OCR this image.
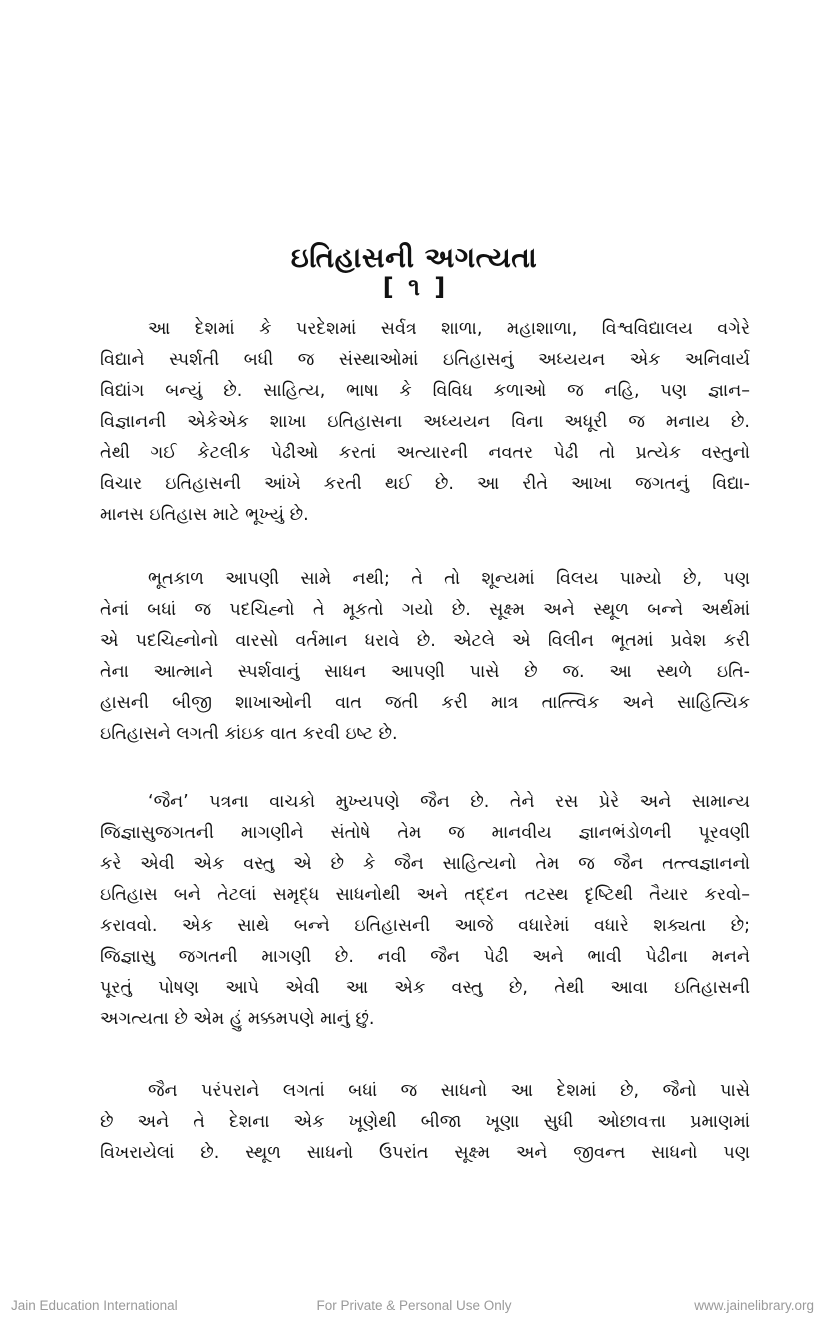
ઇતિહાસની અગત્યતા
[ ૧ ]
આ દેશમાં કે પરદેશમાં સર્વત્ર શાળા, મહાશાળા, વિશ્વવિદ્યાલય વગેરે
વિદ્યાને સ્પર્શતી બધી જ સંસ્થાઓમાં ઇતિહાસનું અધ્યયન એક અનિવાર્ય
વિદ્યાંગ બન્યું છે. સાહિત્ય, ભાષા કે વિવિધ કળાઓ જ નહિ, પણ જ્ઞાન–
વિજ્ઞાનની એકેએક શાખા ઇતિહાસના અધ્યયન વિના અધૂરી જ મનાય છે.
તેથી ગઈ કેટલીક પેઢીઓ કરતાં અત્યારની નવતર પેઢી તો પ્રત્યેક વસ્તુનો
વિચાર ઇતિહાસની આંખે કરતી થઈ છે. આ રીતે આખા જગતનું વિદ્યા-
માનસ ઇતિહાસ માટે ભૂખ્યું છે.
ભૂતકાળ આપણી સામે નથી; તે તો શૂન્યમાં વિલય પામ્યો છે, પણ
તેનાં બધાં જ પદચિહ્નો તે મૂકતો ગયો છે. સૂક્ષ્મ અને સ્થૂળ બન્ને અર્થમાં
એ પદચિહ્નોનો વારસો વર્તમાન ધરાવે છે. એટલે એ વિલીન ભૂતમાં પ્રવેશ કરી
તેના આત્માને સ્પર્શવાનું સાધન આપણી પાસે છે જ. આ સ્થળે ઇતિ-
હાસની બીજી શાખાઓની વાત જતી કરી માત્ર તાત્ત્વિક અને સાહિત્યિક
ઇતિહાસને લગતી કાંઇક વાત કરવી ઇષ્ટ છે.
‘જૈન’ પત્રના વાચકો મુખ્યપણે જૈન છે. તેને રસ પ્રેરે અને સામાન્ય
જિજ્ઞાસુજગતની માગણીને સંતોષે તેમ જ માનવીય જ્ઞાનભંડોળની પૂરવણી
કરે એવી એક વસ્તુ એ છે કે જૈન સાહિત્યનો તેમ જ જૈન તત્ત્વજ્ઞાનનો
ઇતિહાસ બને તેટલાં સમૃદ્ધ સાધનોથી અને તદ્દન તટસ્થ દૃષ્ટિથી તૈયાર કરવો–
કરાવવો. એક સાથે બન્ને ઇતિહાસની આજે વધારેમાં વધારે શક્યતા છે;
જિજ્ઞાસુ જગતની માગણી છે. નવી જૈન પેઢી અને ભાવી પેઢીના મનને
પૂરતું પોષણ આપે એવી આ એક વસ્તુ છે, તેથી આવા ઇતિહાસની
અગત્યતા છે એમ હું મક્કમપણે માનું છું.
જૈન પરંપરાને લગતાં બધાં જ સાધનો આ દેશમાં છે, જૈનો પાસે
છે અને તે દેશના એક ખૂણેથી બીજા ખૂણા સુધી ઓછાવત્તા પ્રમાણમાં
વિખરાયેલાં છે. સ્થૂળ સાધનો ઉપરાંત સૂક્ષ્મ અને જીવન્ત સાધનો પણ
Jain Education International	For Private & Personal Use Only	www.jainelibrary.org
